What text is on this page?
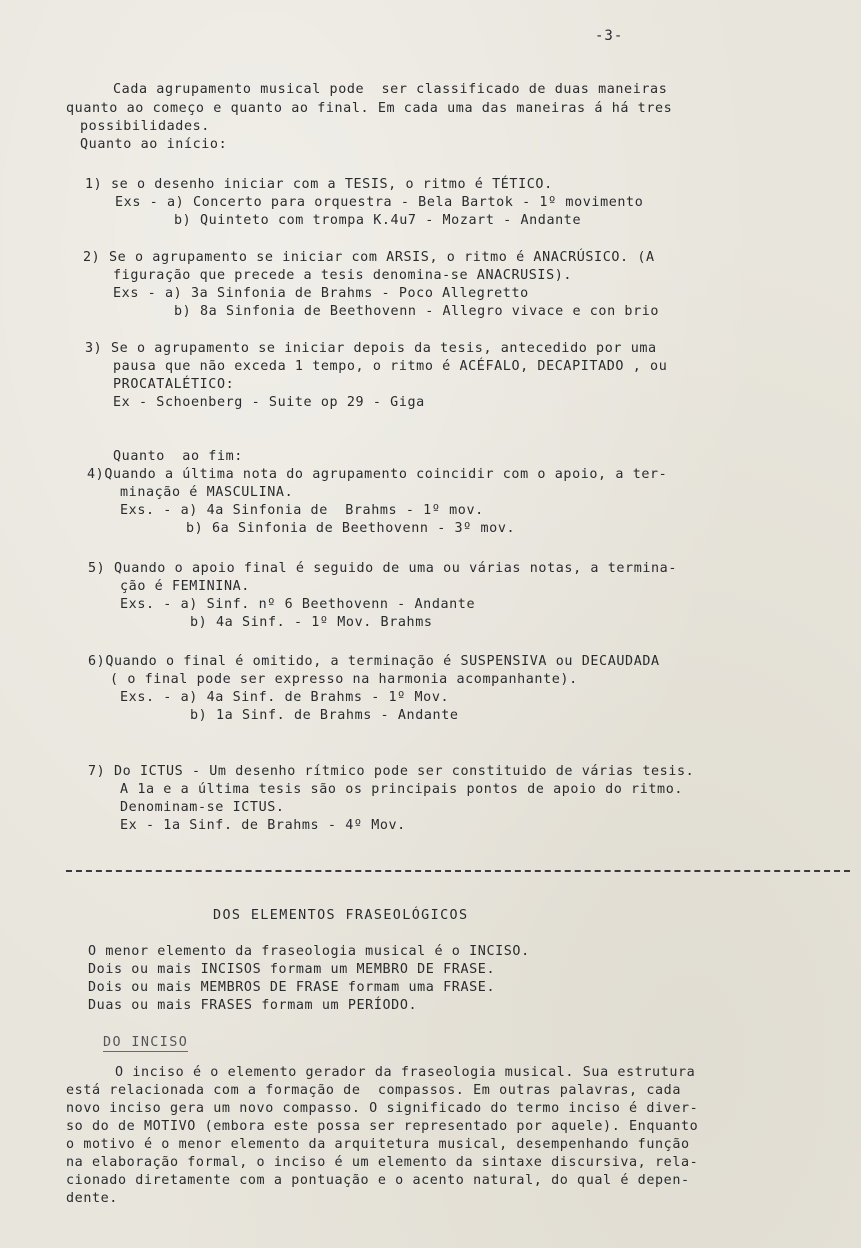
-3-
Cada agrupamento musical pode  ser classificado de duas maneiras
quanto ao começo e quanto ao final. Em cada uma das maneiras á há tres
possibilidades.
Quanto ao início:
1) se o desenho iniciar com a TESIS, o ritmo é TÉTICO.
Exs - a) Concerto para orquestra - Bela Bartok - 1º movimento
b) Quinteto com trompa K.4u7 - Mozart - Andante
2) Se o agrupamento se iniciar com ARSIS, o ritmo é ANACRÚSICO. (A
figuração que precede a tesis denomina-se ANACRUSIS).
Exs - a) 3a Sinfonia de Brahms - Poco Allegretto
b) 8a Sinfonia de Beethovenn - Allegro vivace e con brio
3) Se o agrupamento se iniciar depois da tesis, antecedido por uma
pausa que não exceda 1 tempo, o ritmo é ACÉFALO, DECAPITADO , ou
PROCATALÉTICO:
Ex - Schoenberg - Suite op 29 - Giga
Quanto  ao fim:
4)Quando a última nota do agrupamento coincidir com o apoio, a ter-
minação é MASCULINA.
Exs. - a) 4a Sinfonia de  Brahms - 1º mov.
b) 6a Sinfonia de Beethovenn - 3º mov.
5) Quando o apoio final é seguido de uma ou várias notas, a termina-
ção é FEMININA.
Exs. - a) Sinf. nº 6 Beethovenn - Andante
b) 4a Sinf. - 1º Mov. Brahms
6)Quando o final é omitido, a terminação é SUSPENSIVA ou DECAUDADA
( o final pode ser expresso na harmonia acompanhante).
Exs. - a) 4a Sinf. de Brahms - 1º Mov.
b) 1a Sinf. de Brahms - Andante
7) Do ICTUS - Um desenho rítmico pode ser constituido de várias tesis.
A 1a e a última tesis são os principais pontos de apoio do ritmo.
Denominam-se ICTUS.
Ex - 1a Sinf. de Brahms - 4º Mov.
O menor elemento da fraseologia musical é o INCISO.
Dois ou mais INCISOS formam um MEMBRO DE FRASE.
Dois ou mais MEMBROS DE FRASE formam uma FRASE.
Duas ou mais FRASES formam um PERÍODO.
O inciso é o elemento gerador da fraseologia musical. Sua estrutura
está relacionada com a formação de  compassos. Em outras palavras, cada
novo inciso gera um novo compasso. O significado do termo inciso é diver-
so do de MOTIVO (embora este possa ser representado por aquele). Enquanto
o motivo é o menor elemento da arquitetura musical, desempenhando função
na elaboração formal, o inciso é um elemento da sintaxe discursiva, rela-
cionado diretamente com a pontuação e o acento natural, do qual é depen-
dente.
DOS ELEMENTOS FRASEOLÓGICOS
DO INCISO
